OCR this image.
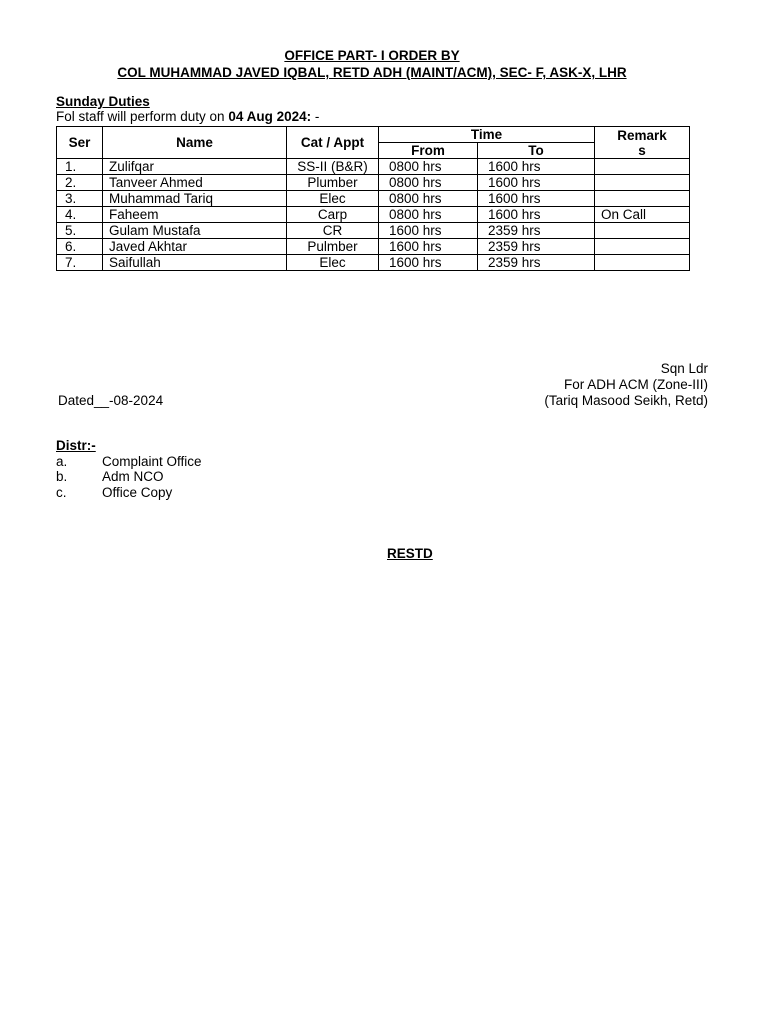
OFFICE PART- I ORDER BY
COL MUHAMMAD JAVED IQBAL, RETD ADH (MAINT/ACM), SEC- F, ASK-X, LHR
Sunday Duties
Fol staff will perform duty on 04 Aug 2024: -
Ser	Name	Cat / Appt	Time		Remark
s
			From	To	
1.	Zulifqar	SS-II (B&R)	0800 hrs	1600 hrs	
2.	Tanveer Ahmed	Plumber	0800 hrs	1600 hrs	
3.	Muhammad Tariq	Elec	0800 hrs	1600 hrs	
4.	Faheem	Carp	0800 hrs	1600 hrs	On Call
5.	Gulam Mustafa	CR	1600 hrs	2359 hrs	
6.	Javed Akhtar	Pulmber	1600 hrs	2359 hrs	
7.	Saifullah	Elec	1600 hrs	2359 hrs	
Sqn Ldr
For ADH ACM (Zone-III)
(Tariq Masood Seikh, Retd)
Dated__-08-2024
Distr:-
a.	Complaint Office
b.	Adm NCO
c.	Office Copy
RESTD
